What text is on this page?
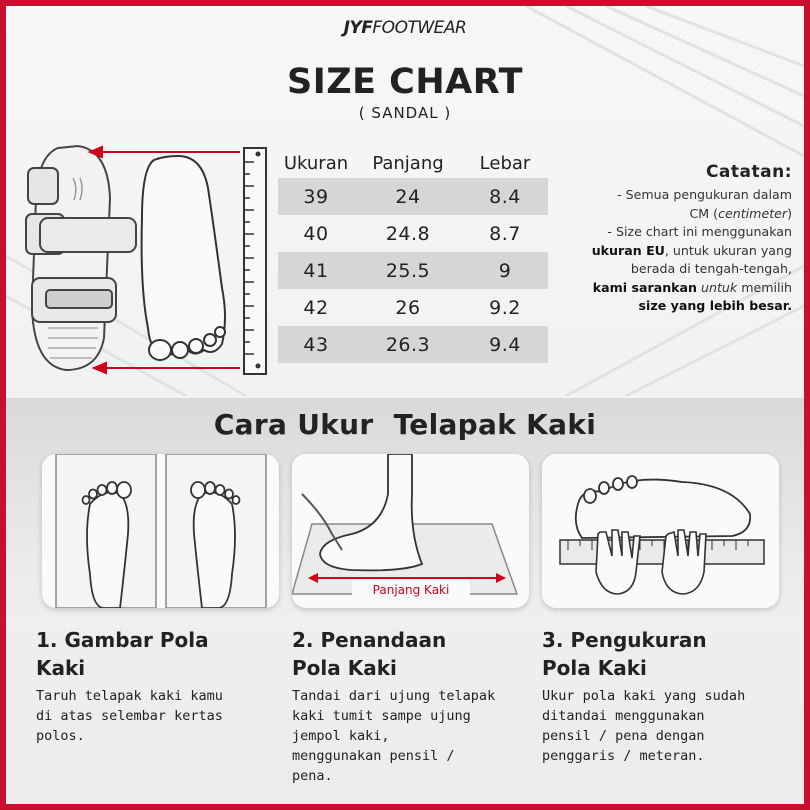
JYFFOOTWEAR
SIZE CHART
( SANDAL )
Ukuran	Panjang	Lebar
39	24	8.4
40	24.8	8.7
41	25.5	9
42	26	9.2
43	26.3	9.4
Catatan:

- Semua pengukuran dalam
CM (centimeter)

- Size chart ini menggunakan
ukuran EU, untuk ukuran yang
berada di tengah-tengah,
kami sarankan untuk memilih
size yang lebih besar.

Cara Ukur  Telapak Kaki
Panjang Kaki
1. Gambar Pola
Kaki
Taruh telapak kaki kamu
di atas selembar kertas
polos.
2. Penandaan
Pola Kaki
Tandai dari ujung telapak
kaki tumit sampe ujung
jempol kaki,
menggunakan pensil /
pena.
3. Pengukuran
Pola Kaki
Ukur pola kaki yang sudah
ditandai menggunakan
pensil / pena dengan
penggaris / meteran.
